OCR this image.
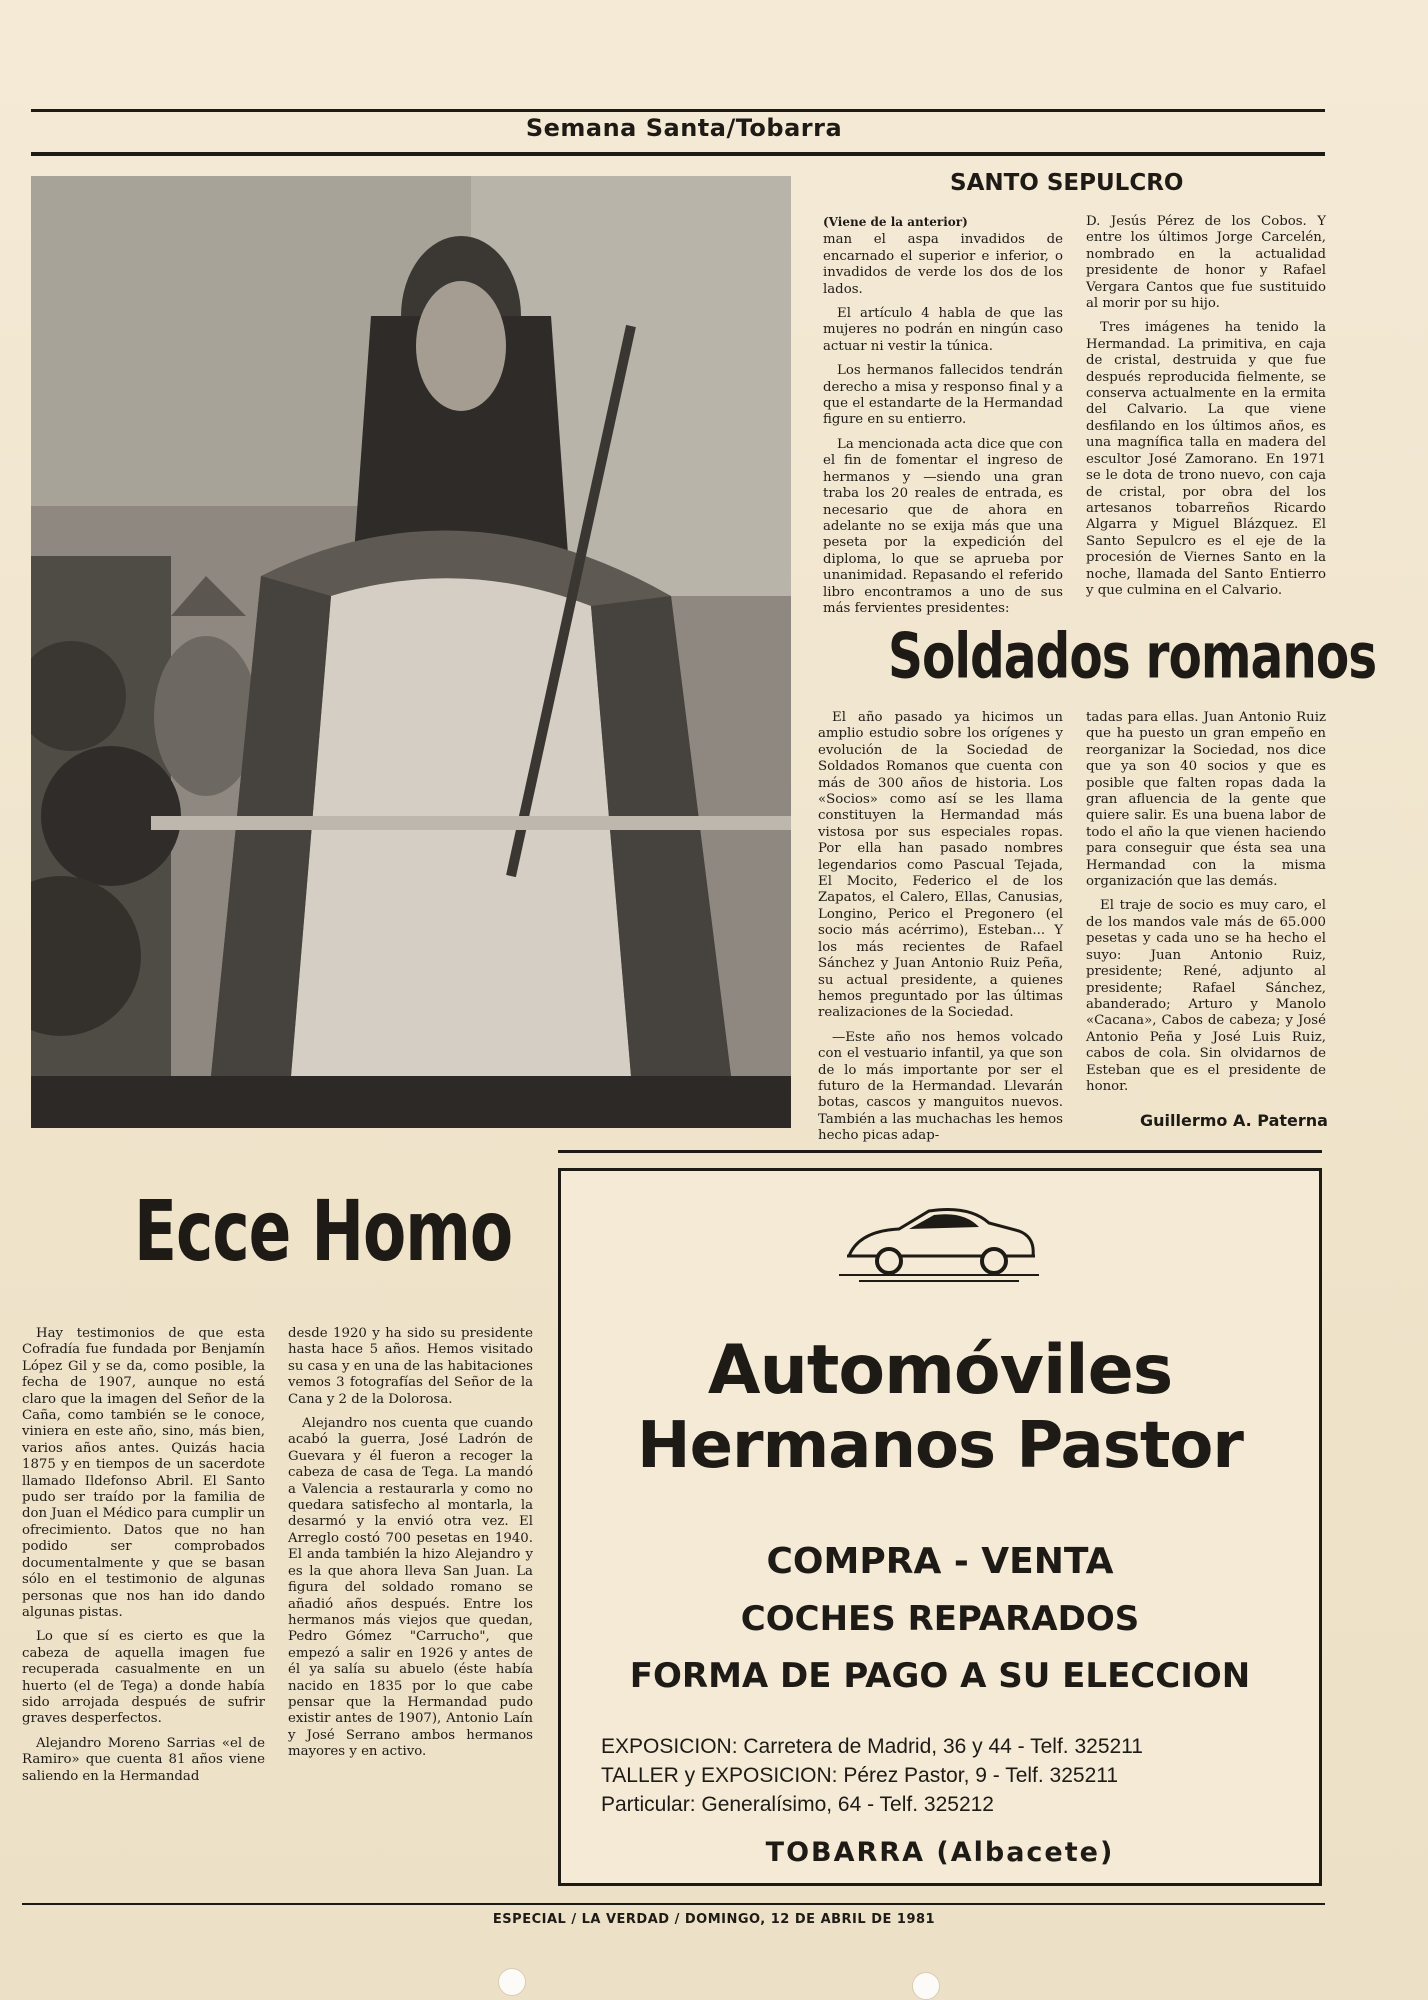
Semana Santa/Tobarra
SANTO SEPULCRO

(Viene de la anterior)

man el aspa invadidos de encarnado el superior e inferior, o invadidos de verde los dos de los lados.

El artículo 4 habla de que las mujeres no podrán en ningún caso actuar ni vestir la túnica.

Los hermanos fallecidos tendrán derecho a misa y responso final y a que el estandarte de la Hermandad figure en su entierro.

La mencionada acta dice que con el fin de fomentar el ingreso de hermanos y —siendo una gran traba los 20 reales de entrada, es necesario que de ahora en adelante no se exija más que una peseta por la expedición del diploma, lo que se aprueba por unanimidad. Repasando el referido libro encontramos a uno de sus más fervientes presidentes:

D. Jesús Pérez de los Cobos. Y entre los últimos Jorge Carcelén, nombrado en la actualidad presidente de honor y Rafael Vergara Cantos que fue sustituido al morir por su hijo.

Tres imágenes ha tenido la Hermandad. La primitiva, en caja de cristal, destruida y que fue después reproducida fielmente, se conserva actualmente en la ermita del Calvario. La que viene desfilando en los últimos años, es una magnífica talla en madera del escultor José Zamorano. En 1971 se le dota de trono nuevo, con caja de cristal, por obra del los artesanos tobarreños Ricardo Algarra y Miguel Blázquez. El Santo Sepulcro es el eje de la procesión de Viernes Santo en la noche, llamada del Santo Entierro y que culmina en el Calvario.

Soldados romanos

El año pasado ya hicimos un amplio estudio sobre los orígenes y evolución de la Sociedad de Soldados Romanos que cuenta con más de 300 años de historia. Los «Socios» como así se les llama constituyen la Hermandad más vistosa por sus especiales ropas. Por ella han pasado nombres legendarios como Pascual Tejada, El Mocito, Federico el de los Zapatos, el Calero, Ellas, Canusias, Longino, Perico el Pregonero (el socio más acérrimo), Esteban... Y los más recientes de Rafael Sánchez y Juan Antonio Ruiz Peña, su actual presidente, a quienes hemos preguntado por las últimas realizaciones de la Sociedad.

—Este año nos hemos volcado con el vestuario infantil, ya que son de lo más importante por ser el futuro de la Hermandad. Llevarán botas, cascos y manguitos nuevos. También a las muchachas les hemos hecho picas adap-

tadas para ellas. Juan Antonio Ruiz que ha puesto un gran empeño en reorganizar la Sociedad, nos dice que ya son 40 socios y que es posible que falten ropas dada la gran afluencia de la gente que quiere salir. Es una buena labor de todo el año la que vienen haciendo para conseguir que ésta sea una Hermandad con la misma organización que las demás.

El traje de socio es muy caro, el de los mandos vale más de 65.000 pesetas y cada uno se ha hecho el suyo: Juan Antonio Ruiz, presidente; René, adjunto al presidente; Rafael Sánchez, abanderado; Arturo y Manolo «Cacana», Cabos de cabeza; y José Antonio Peña y José Luis Ruiz, cabos de cola. Sin olvidarnos de Esteban que es el presidente de honor.

Guillermo A. Paterna
Ecce Homo

Hay testimonios de que esta Cofradía fue fundada por Benjamín López Gil y se da, como posible, la fecha de 1907, aunque no está claro que la imagen del Señor de la Caña, como también se le conoce, viniera en este año, sino, más bien, varios años antes. Quizás hacia 1875 y en tiempos de un sacerdote llamado Ildefonso Abril. El Santo pudo ser traído por la familia de don Juan el Médico para cumplir un ofrecimiento. Datos que no han podido ser comprobados documentalmente y que se basan sólo en el testimonio de algunas personas que nos han ido dando algunas pistas.

Lo que sí es cierto es que la cabeza de aquella imagen fue recuperada casualmente en un huerto (el de Tega) a donde había sido arrojada después de sufrir graves desperfectos.

Alejandro Moreno Sarrias «el de Ramiro» que cuenta 81 años viene saliendo en la Hermandad

desde 1920 y ha sido su presidente hasta hace 5 años. Hemos visitado su casa y en una de las habitaciones vemos 3 fotografías del Señor de la Cana y 2 de la Dolorosa.

Alejandro nos cuenta que cuando acabó la guerra, José Ladrón de Guevara y él fueron a recoger la cabeza de casa de Tega. La mandó a Valencia a restaurarla y como no quedara satisfecho al montarla, la desarmó y la envió otra vez. El Arreglo costó 700 pesetas en 1940. El anda también la hizo Alejandro y es la que ahora lleva San Juan. La figura del soldado romano se añadió años después. Entre los hermanos más viejos que quedan, Pedro Gómez "Carrucho", que empezó a salir en 1926 y antes de él ya salía su abuelo (éste había nacido en 1835 por lo que cabe pensar que la Hermandad pudo existir antes de 1907), Antonio Laín y José Serrano ambos hermanos mayores y en activo.

Automóviles
Hermanos Pastor
COMPRA - VENTA
COCHES REPARADOS
FORMA DE PAGO A SU ELECCION
EXPOSICION: Carretera de Madrid, 36 y 44 - Telf. 325211
TALLER y EXPOSICION: Pérez Pastor, 9 - Telf. 325211
Particular: Generalísimo, 64 - Telf. 325212
TOBARRA (Albacete)
ESPECIAL / LA VERDAD / DOMINGO, 12 DE ABRIL DE 1981
